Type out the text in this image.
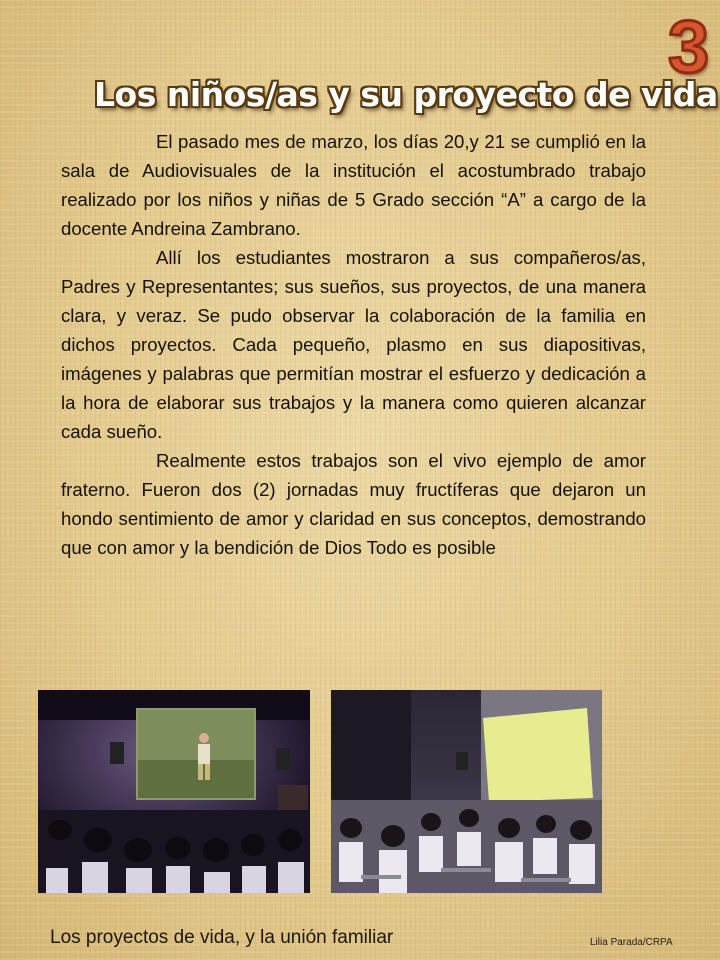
3
Los niños/as y su proyecto de vida

El pasado mes de marzo, los días 20,y 21 se cumplió en la sala de Audiovisuales de la institución el acostumbrado trabajo realizado por los niños y niñas de 5 Grado sección “A” a cargo de la docente Andreina Zambrano.

Allí los estudiantes mostraron a sus compañeros/as, Padres y Representantes; sus sueños, sus proyectos, de una manera clara, y veraz. Se pudo observar la colaboración de la familia en dichos proyectos. Cada pequeño, plasmo en sus diapositivas, imágenes y palabras que permitían mostrar el esfuerzo y dedicación a la hora de elaborar sus trabajos y la manera como quieren alcanzar cada sueño.

Realmente estos trabajos son el vivo ejemplo de amor fraterno. Fueron dos (2) jornadas muy fructíferas que dejaron un hondo sentimiento de amor y claridad en sus conceptos, demostrando que con amor y la bendición de Dios Todo es posible

Los proyectos de vida, y la unión familiar	Lilia Parada/CRPA
